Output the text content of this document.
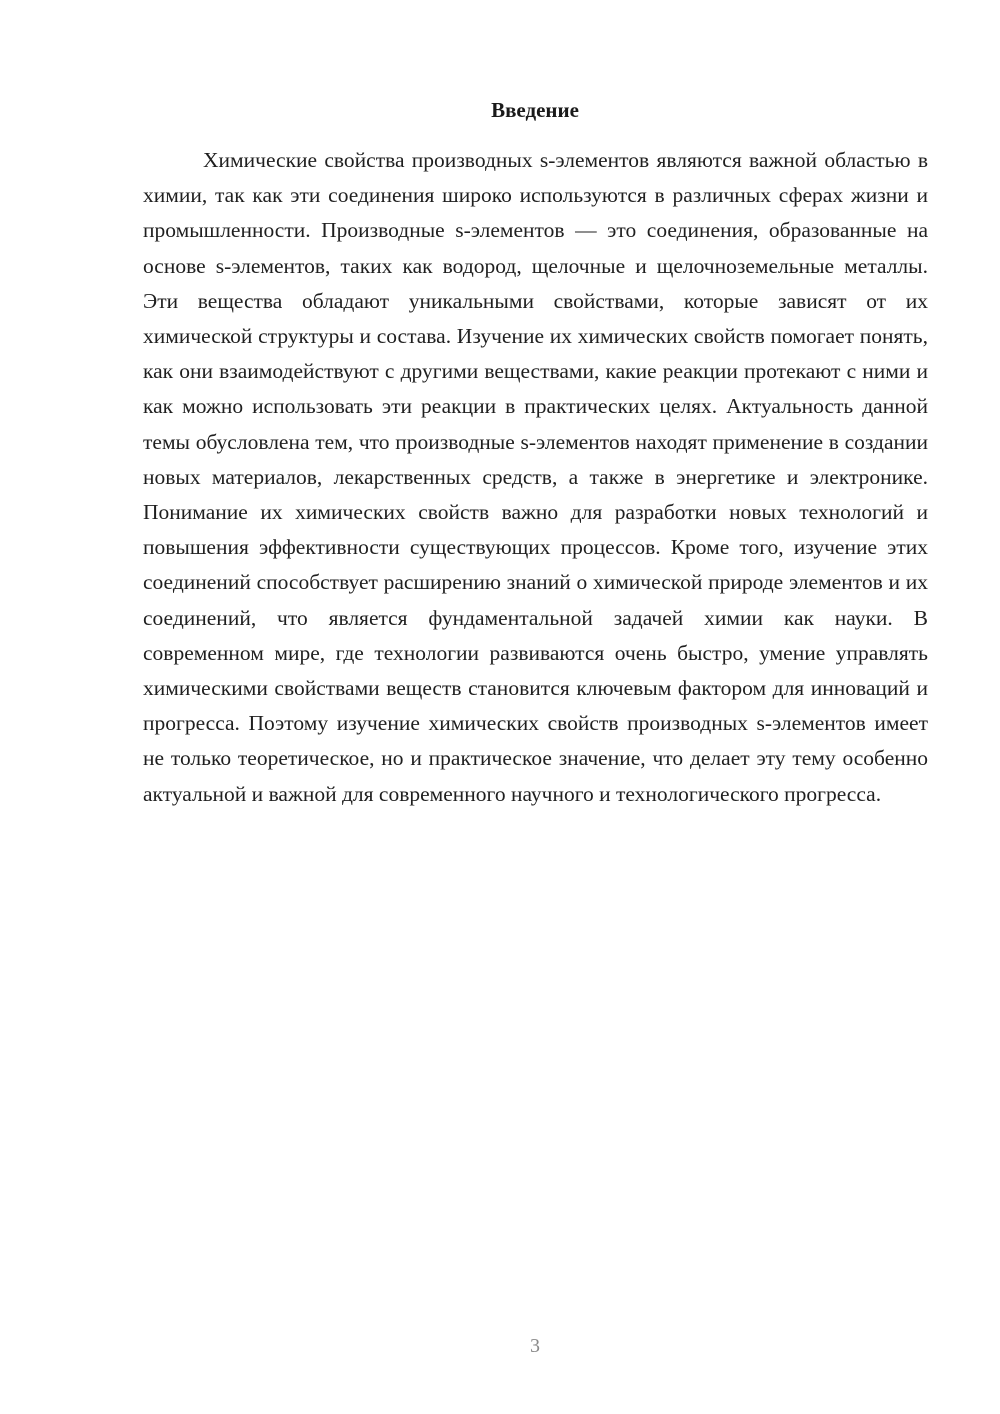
Введение

Химические свойства производных s-элементов являются важной областью в химии, так как эти соединения широко используются в различных сферах жизни и промышленности. Производные s-элементов — это соединения, образованные на основе s-элементов, таких как водород, щелочные и щелочноземельные металлы. Эти вещества обладают уникальными свойствами, которые зависят от их химической структуры и состава. Изучение их химических свойств помогает понять, как они взаимодействуют с другими веществами, какие реакции протекают с ними и как можно использовать эти реакции в практических целях. Актуальность данной темы обусловлена тем, что производные s-элементов находят применение в создании новых материалов, лекарственных средств, а также в энергетике и электронике. Понимание их химических свойств важно для разработки новых технологий и повышения эффективности существующих процессов. Кроме того, изучение этих соединений способствует расширению знаний о химической природе элементов и их соединений, что является фундаментальной задачей химии как науки. В современном мире, где технологии развиваются очень быстро, умение управлять химическими свойствами веществ становится ключевым фактором для инноваций и прогресса. Поэтому изучение химических свойств производных s-элементов имеет не только теоретическое, но и практическое значение, что делает эту тему особенно актуальной и важной для современного научного и технологического прогресса.

3
